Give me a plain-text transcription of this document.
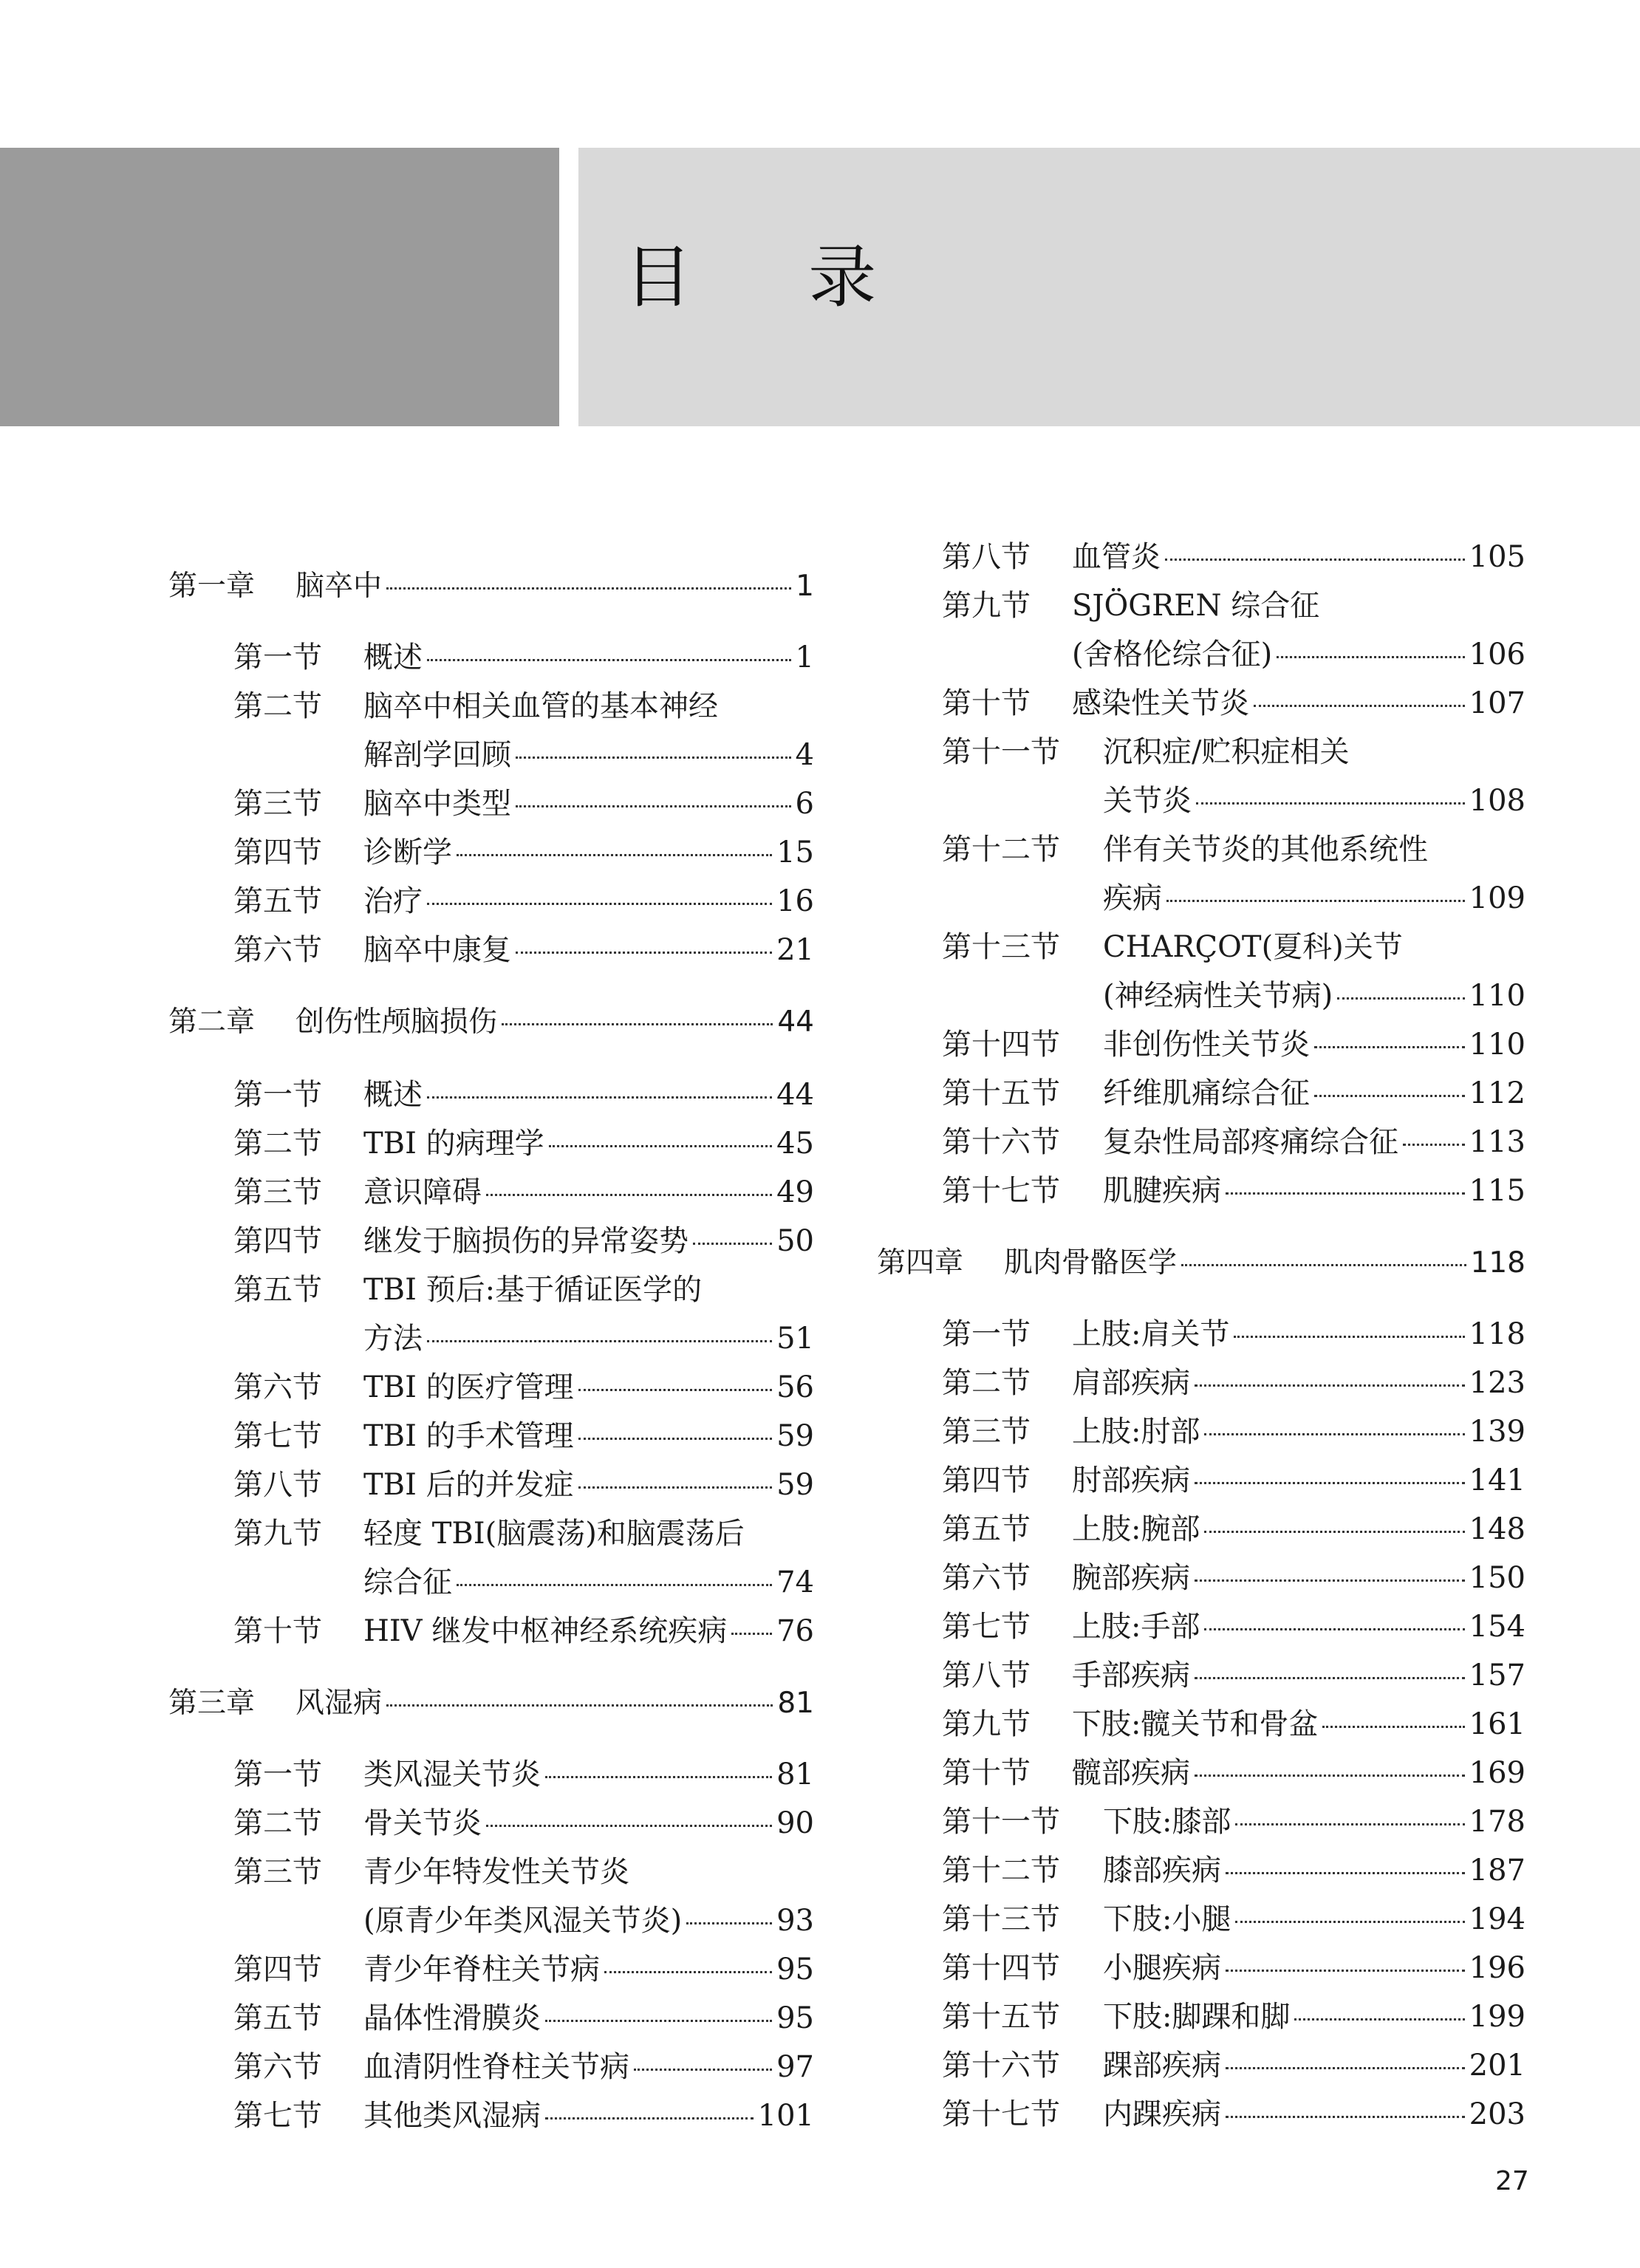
目 录
第一章	脑卒中	1
第一节	概述	1
第二节	脑卒中相关血管的基本神经
解剖学回顾	4
第三节	脑卒中类型	6
第四节	诊断学	15
第五节	治疗	16
第六节	脑卒中康复	21
第二章	创伤性颅脑损伤	44
第一节	概述	44
第二节	TBI 的病理学	45
第三节	意识障碍	49
第四节	继发于脑损伤的异常姿势	50
第五节	TBI 预后:基于循证医学的
方法	51
第六节	TBI 的医疗管理	56
第七节	TBI 的手术管理	59
第八节	TBI 后的并发症	59
第九节	轻度 TBI(脑震荡)和脑震荡后
综合征	74
第十节	HIV 继发中枢神经系统疾病 76
第三章	风湿病	81
第一节	类风湿关节炎	81
第二节	骨关节炎	90
第三节	青少年特发性关节炎
(原青少年类风湿关节炎)	93
第四节	青少年脊柱关节病	95
第五节	晶体性滑膜炎	95
第六节	血清阴性脊柱关节病	97
第七节	其他类风湿病	101
第八节	血管炎	105
第九节	SJÖGREN 综合征
(舍格伦综合征)	106
第十节	感染性关节炎	107
第十一节	沉积症/贮积症相关
关节炎	108
第十二节	伴有关节炎的其他系统性
疾病	109
第十三节	CHARÇOT(夏科)关节
(神经病性关节病)	110
第十四节	非创伤性关节炎	110
第十五节	纤维肌痛综合征	112
第十六节	复杂性局部疼痛综合征 113
第十七节	肌腱疾病	115
第四章	肌肉骨骼医学	118
第一节	上肢:肩关节	118
第二节	肩部疾病	123
第三节	上肢:肘部	139
第四节	肘部疾病	141
第五节	上肢:腕部	148
第六节	腕部疾病	150
第七节	上肢:手部	154
第八节	手部疾病	157
第九节	下肢:髋关节和骨盆	161
第十节	髋部疾病	169
第十一节	下肢:膝部	178
第十二节	膝部疾病	187
第十三节	下肢:小腿	194
第十四节	小腿疾病	196
第十五节	下肢:脚踝和脚	199
第十六节	踝部疾病	201
第十七节	内踝疾病	203
27
